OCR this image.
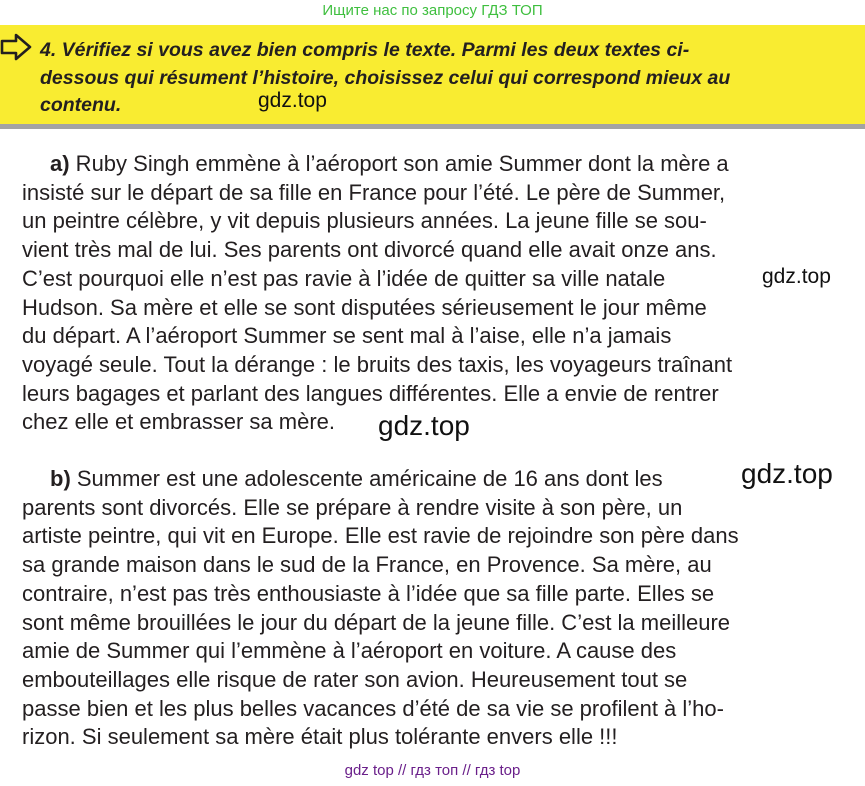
Ищите нас по запросу ГДЗ ТОП
4. Vérifiez si vous avez bien compris le texte. Parmi les deux textes ci-
dessous qui résument l’histoire, choisissez celui qui correspond mieux au
contenu.	gdz.top
a) Ruby Singh emmène à l’aéroport son amie Summer dont la mère a
insisté sur le départ de sa fille en France pour l’été. Le père de Summer,
un peintre célèbre, y vit depuis plusieurs années. La jeune fille se sou-
vient très mal de lui. Ses parents ont divorcé quand elle avait onze ans.
C’est pourquoi elle n’est pas ravie à l’idée de quitter sa ville natale
Hudson. Sa mère et elle se sont disputées sérieusement le jour même
du départ. A l’aéroport Summer se sent mal à l’aise, elle n’a jamais
voyagé seule. Tout la dérange : le bruits des taxis, les voyageurs traînant
leurs bagages et parlant des langues différentes. Elle a envie de rentrer
chez elle et embrasser sa mère.
gdz.top
gdz.top
b) Summer est une adolescente américaine de 16 ans dont les
parents sont divorcés. Elle se prépare à rendre visite à son père, un
artiste peintre, qui vit en Europe. Elle est ravie de rejoindre son père dans
sa grande maison dans le sud de la France, en Provence. Sa mère, au
contraire, n’est pas très enthousiaste à l’idée que sa fille parte. Elles se
sont même brouillées le jour du départ de la jeune fille. C’est la meilleure
amie de Summer qui l’emmène à l’aéroport en voiture. A cause des
embouteillages elle risque de rater son avion. Heureusement tout se
passe bien et les plus belles vacances d’été de sa vie se profilent à l’ho-
rizon. Si seulement sa mère était plus tolérante envers elle !!!
gdz.top
gdz top // гдз топ // гдз top
